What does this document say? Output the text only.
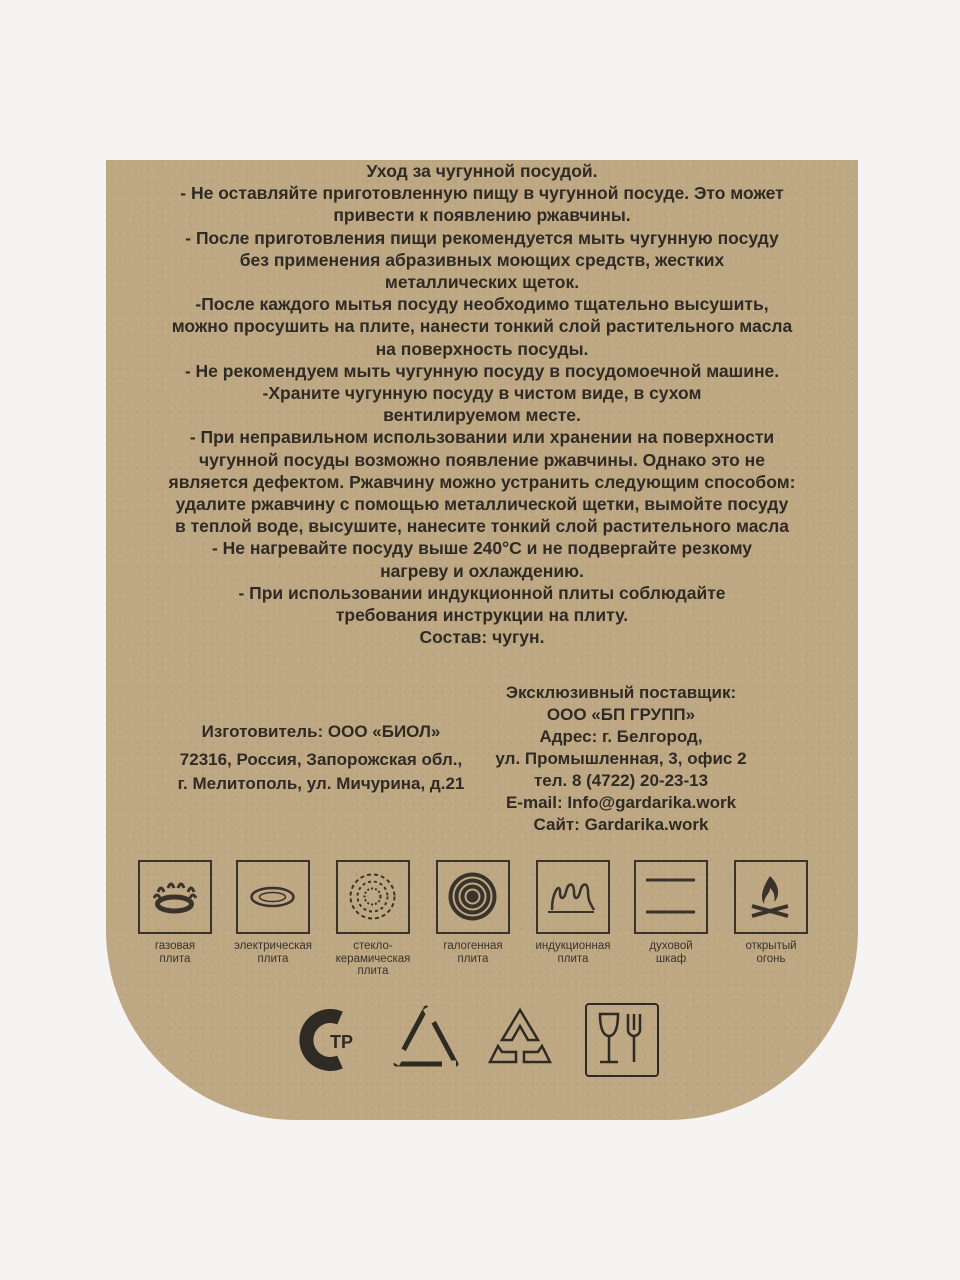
Уход за чугунной посудой.
- Не оставляйте приготовленную пищу в чугунной посуде. Это может
привести к появлению ржавчины.
- После приготовления пищи рекомендуется мыть чугунную посуду
без применения абразивных моющих средств, жестких
металлических щеток.
-После каждого мытья посуду необходимо тщательно высушить,
можно просушить на плите, нанести тонкий слой растительного масла
на поверхность посуды.
- Не рекомендуем мыть чугунную посуду в посудомоечной машине.
-Храните чугунную посуду в чистом виде, в сухом
вентилируемом месте.
- При неправильном использовании или хранении на поверхности
чугунной посуды возможно появление ржавчины. Однако это не
является дефектом. Ржавчину можно устранить следующим способом:
удалите ржавчину с помощью металлической щетки, вымойте посуду
в теплой воде, высушите, нанесите тонкий слой растительного масла
- Не нагревайте посуду выше 240°С и не подвергайте резкому
нагреву и охлаждению.
- При использовании индукционной плиты соблюдайте
требования инструкции на плиту.
Состав: чугун.
Изготовитель: ООО «БИОЛ»
72316, Россия, Запорожская обл.,
г. Мелитополь, ул. Мичурина, д.21
Эксклюзивный поставщик:
ООО «БП ГРУПП»
Адрес: г. Белгород,
ул. Промышленная, 3, офис 2
тел. 8 (4722) 20-23-13
E-mail: Info@gardarika.work
Сайт: Gardarika.work
газовая
плита
электрическая
плита
стекло-
керамическая
плита
галогенная
плита
индукционная
плита
духовой
шкаф
открытый
огонь
ТР
